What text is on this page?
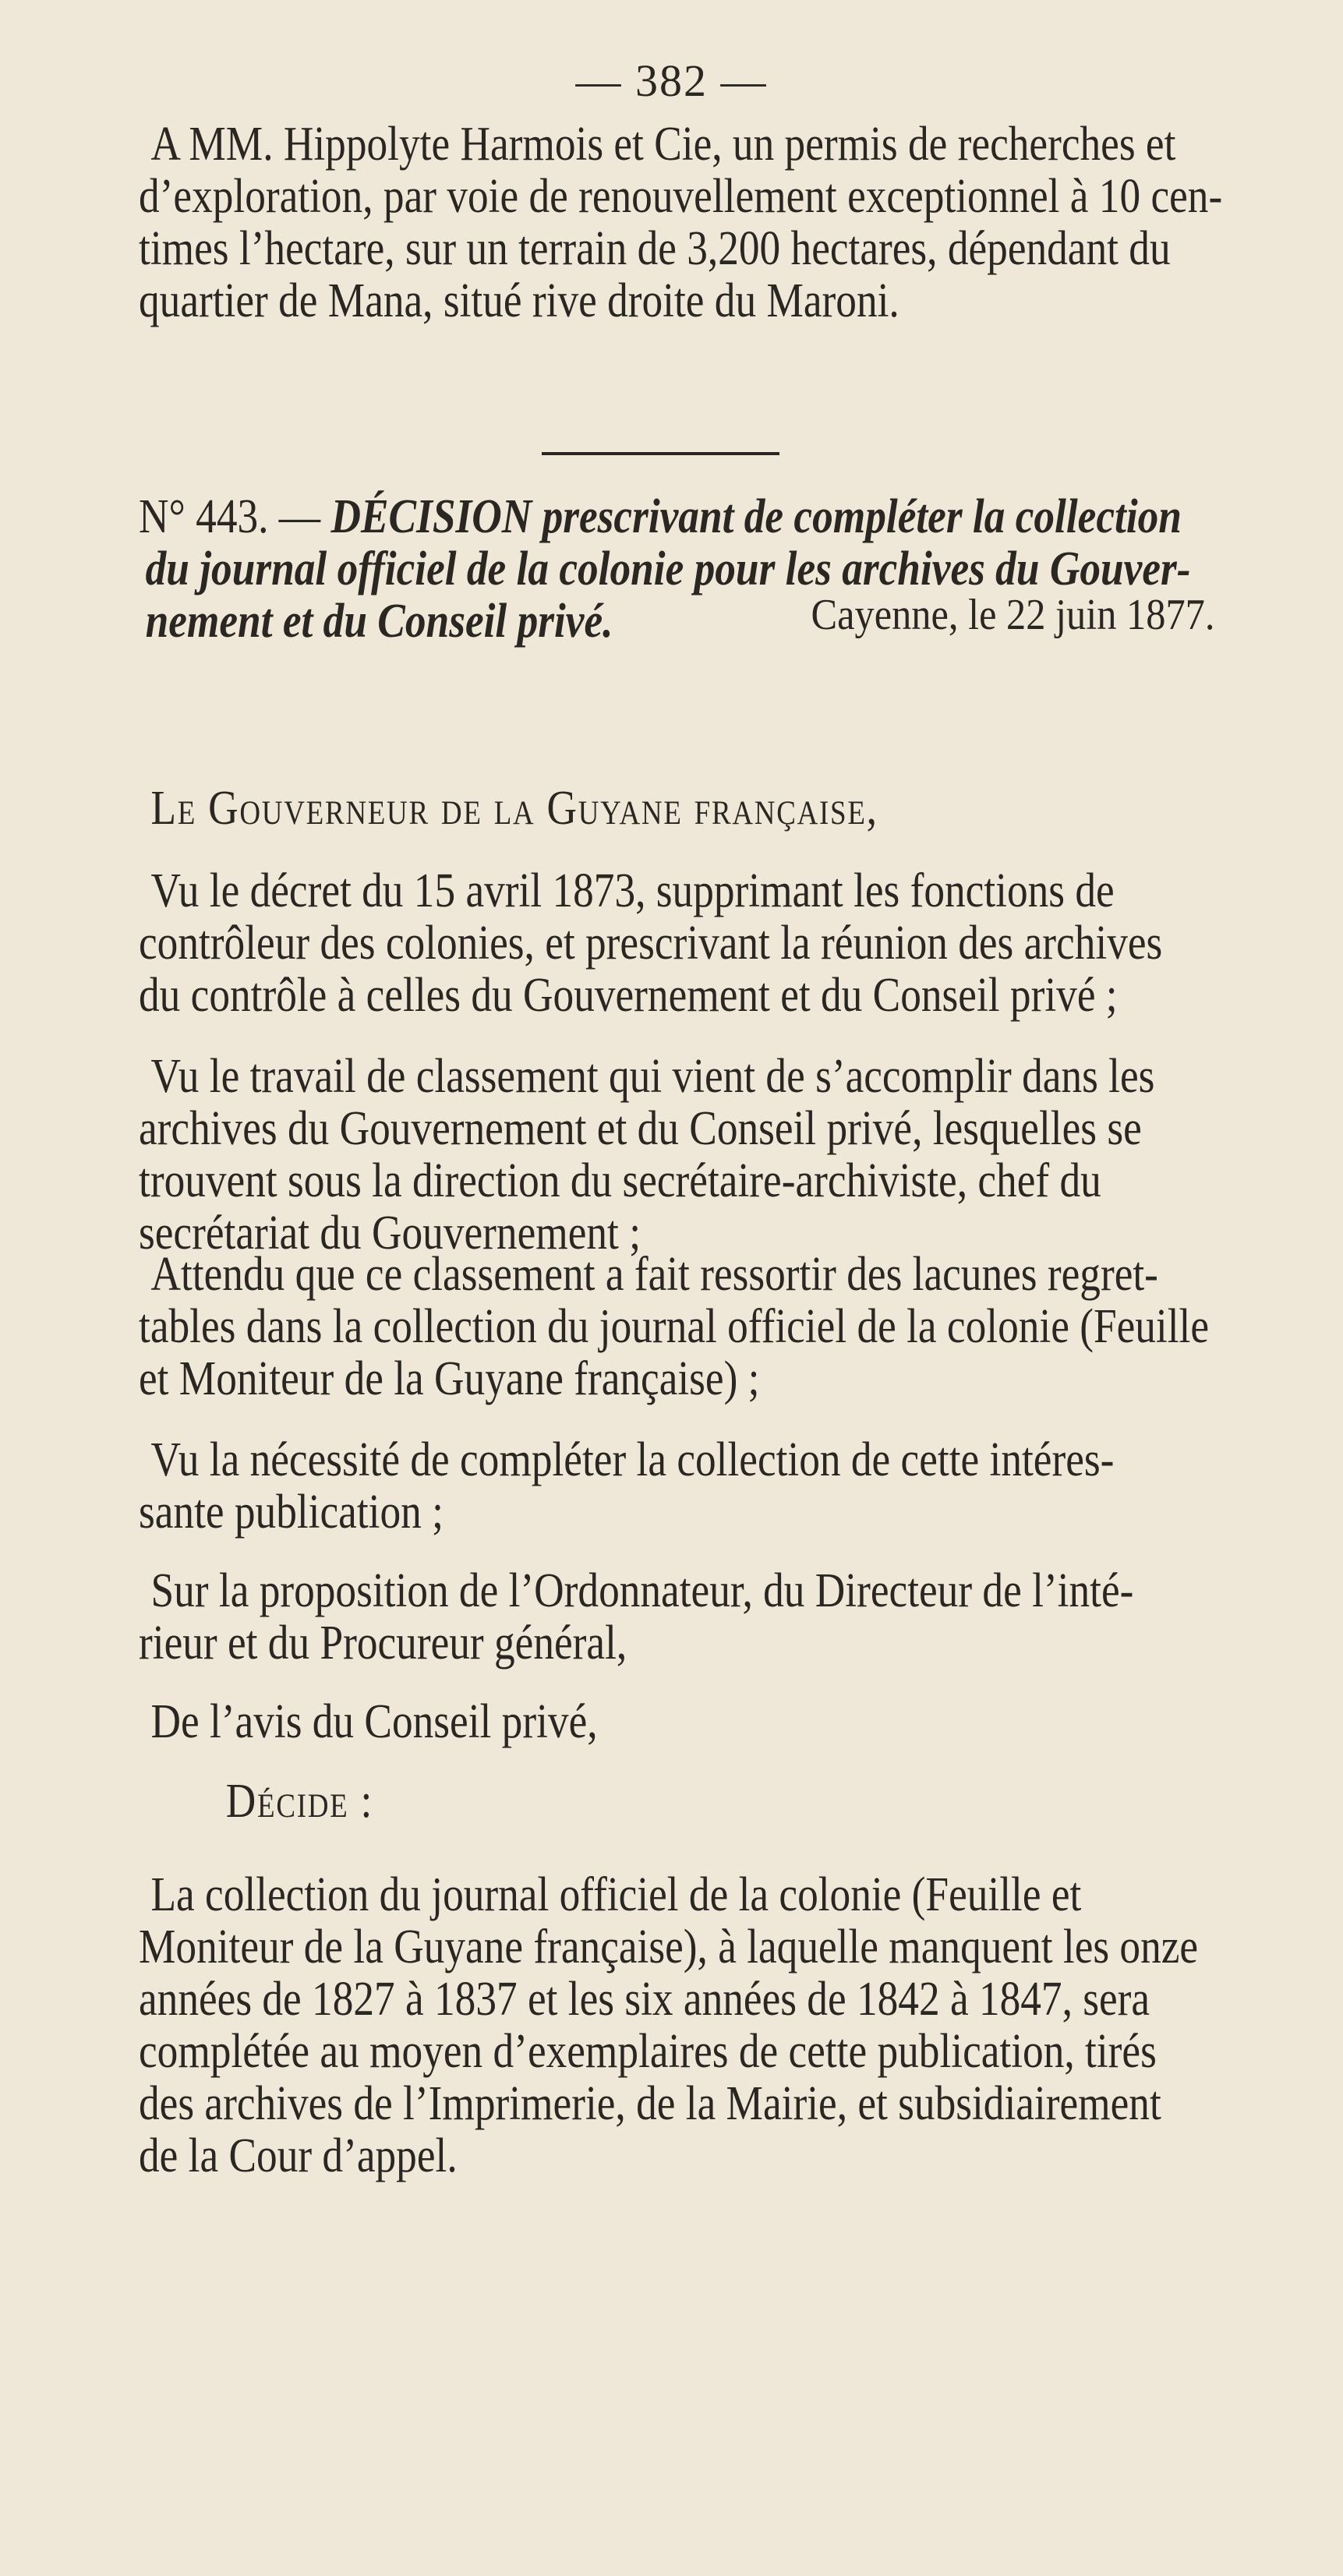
— 382 —
A MM. Hippolyte Harmois et Cie, un permis de recherches et
d’exploration, par voie de renouvellement exceptionnel à 10 cen-
times l’hectare, sur un terrain de 3,200 hectares, dépendant du
quartier de Mana, situé rive droite du Maroni.
N° 443. — DÉCISION prescrivant de compléter la collection
du journal officiel de la colonie pour les archives du Gouver-
nement et du Conseil privé.	Cayenne, le 22 juin 1877.
Le Gouverneur de la Guyane française,
Vu le décret du 15 avril 1873, supprimant les fonctions de
contrôleur des colonies, et prescrivant la réunion des archives
du contrôle à celles du Gouvernement et du Conseil privé ;
Vu le travail de classement qui vient de s’accomplir dans les
archives du Gouvernement et du Conseil privé, lesquelles se
trouvent sous la direction du secrétaire-archiviste, chef du
secrétariat du Gouvernement ;
Attendu que ce classement a fait ressortir des lacunes regret-
tables dans la collection du journal officiel de la colonie (Feuille
et Moniteur de la Guyane française) ;
Vu la nécessité de compléter la collection de cette intéres-
sante publication ;
Sur la proposition de l’Ordonnateur, du Directeur de l’inté-
rieur et du Procureur général,
De l’avis du Conseil privé,
Décide :
La collection du journal officiel de la colonie (Feuille et
Moniteur de la Guyane française), à laquelle manquent les onze
années de 1827 à 1837 et les six années de 1842 à 1847, sera
complétée au moyen d’exemplaires de cette publication, tirés
des archives de l’Imprimerie, de la Mairie, et subsidiairement
de la Cour d’appel.
